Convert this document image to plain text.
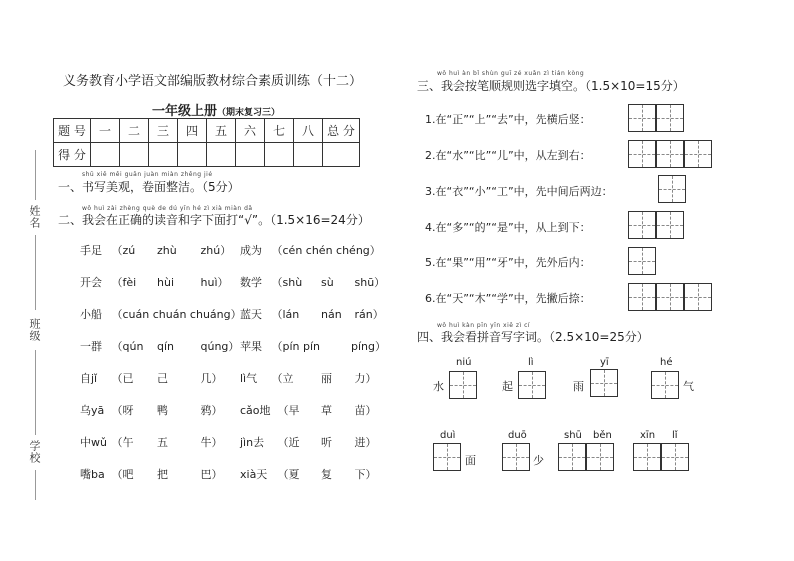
姓名
班级
学校
义务教育小学语文部编版教材综合素质训练（十二）
一年级上册（期末复习三）
题 号	一	二	三	四	五	六	七	八	总 分
得 分									
shū xiě měi guān juàn miàn zhěng jié
一、书写美观，卷面整洁。（5分）
wǒ huì zài zhèng què de dú yīn hé zì xià miàn dǎ
二、我会在正确的读音和字下面打“√”。（1.5×16=24分）
手足 （zú zhù zhú）
开会 （fèi hùi huì）
小船 （cuán chuán chuáng）
一群 （qún qín qúng）
自jǐ （已 己	几）
乌yā （呀 鸭	鸦）
中wǔ （午 五	牛）
嘴ba （吧 把	巴）
成为 （cén chén chéng）
数学 （shù sù shū）
蓝天 （lán nán rán）
苹果 （pín pín	píng）
lì气 （立	丽 力）
cǎo地 （早 草 苗）
jìn去 （近 听 进）
xià天 （夏 复 下）
wǒ huì àn bǐ shùn guī zé xuǎn zì tián kòng
三、我会按笔顺规则选字填空。（1.5×10=15分）
1.在“正”“上”“去”中，先横后竖：
2.在“水”“比”“儿”中，从左到右：
3.在“衣”“小”“工”中，先中间后两边：
4.在“多”“的”“是”中，从上到下：
5.在“果”“用”“牙”中，先外后内：
6.在“天”“木”“学”中，先撇后捺：
wǒ huì kàn pīn yīn xiě zì cí
四、我会看拼音写字词。（2.5×10=25分）
niú
水
lì
起
yī
雨
hé
气
duì
面
duō
少
shū běn	xīn lǐ
